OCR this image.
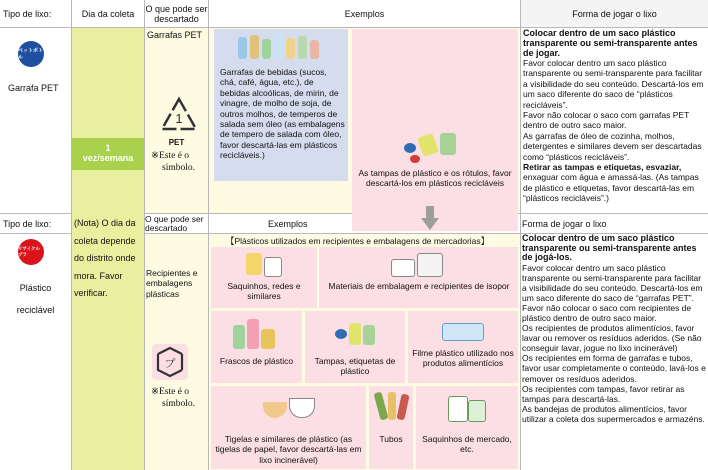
Tipo de lixo:	Dia da coleta	O que pode ser descartado	Exemplos	Forma de jogar o lixo
ペットボトル
Garrafa PET
1
vez/semana
Garrafas PET
1
PET
※Este é o
símbolo.
Garrafas de bebidas (sucos, chá, café, água, etc.), de bebidas alcoólicas, de mirin, de vinagre, de molho de soja, de outros molhos, de temperos de salada sem óleo (as embalagens de tempero de salada com óleo, favor descartá-las em plásticos recicláveis.)
As tampas de plástico e os rótulos, favor descartá-los em plásticos recicláveis
Colocar dentro de um saco plástico transparente ou semi-transparente antes de jogar.
Favor colocar dentro um saco plástico transparente ou semi-transparente para facilitar a visibilidade do seu conteúdo. Descartá-los em um saco diferente do saco de “plásticos recicláveis”.
Favor não colocar o saco com garrafas PET dentro de outro saco maior.
As garrafas de óleo de cozinha, molhos, detergentes e similares devem ser descartadas como “plásticos recicláveis”.
Retirar as tampas e etiquetas, esvaziar,
enxaguar com água e amassá-las. (As tampas de plástico e etiquetas, favor descartá-las em “plásticos recicláveis”.)
Tipo de lixo:	O que pode ser descartado	Exemplos	Forma de jogar o lixo
リサイクルプラ
Plástico
reciclável
(Nota) O dia da coleta depende do distrito onde mora. Favor verificar.
Recipientes e embalagens plásticas
プ
※Este é o
símbolo.
【Plásticos utilizados em recipientes e embalagens de mercadorias】
Saquinhos, redes e similares
Materiais de embalagem e recipientes de isopor
Frascos de plástico	Tampas, etiquetas de plástico
Filme plástico utilizado nos produtos alimentícios
Tigelas e similares de plástico (as tigelas de papel, favor descartá-las em lixo incinerável)
Tubos	Saquinhos de mercado, etc.
Colocar dentro de um saco plástico transparente ou semi-transparente antes de jogá-los.
Favor colocar dentro um saco plástico transparente ou semi-transparente para facilitar a visibilidade do seu conteúdo. Descartá-los em um saco diferente do saco de “garrafas PET”.
Favor não colocar o saco com recipientes de plástico dentro de outro saco maior.
Os recipientes de produtos alimentícios, favor lavar ou remover os resíduos aderidos. (Se não conseguir lavar, jogue no lixo incinerável)
Os recipientes em forma de garrafas e tubos, favor usar completamente o conteúdo, lavá-los e remover os resíduos aderidos.
Os recipientes com tampas, favor retirar as tampas para descartá-las.
As bandejas de produtos alimentícios, favor utilizar a coleta dos supermercados e armazéns.
